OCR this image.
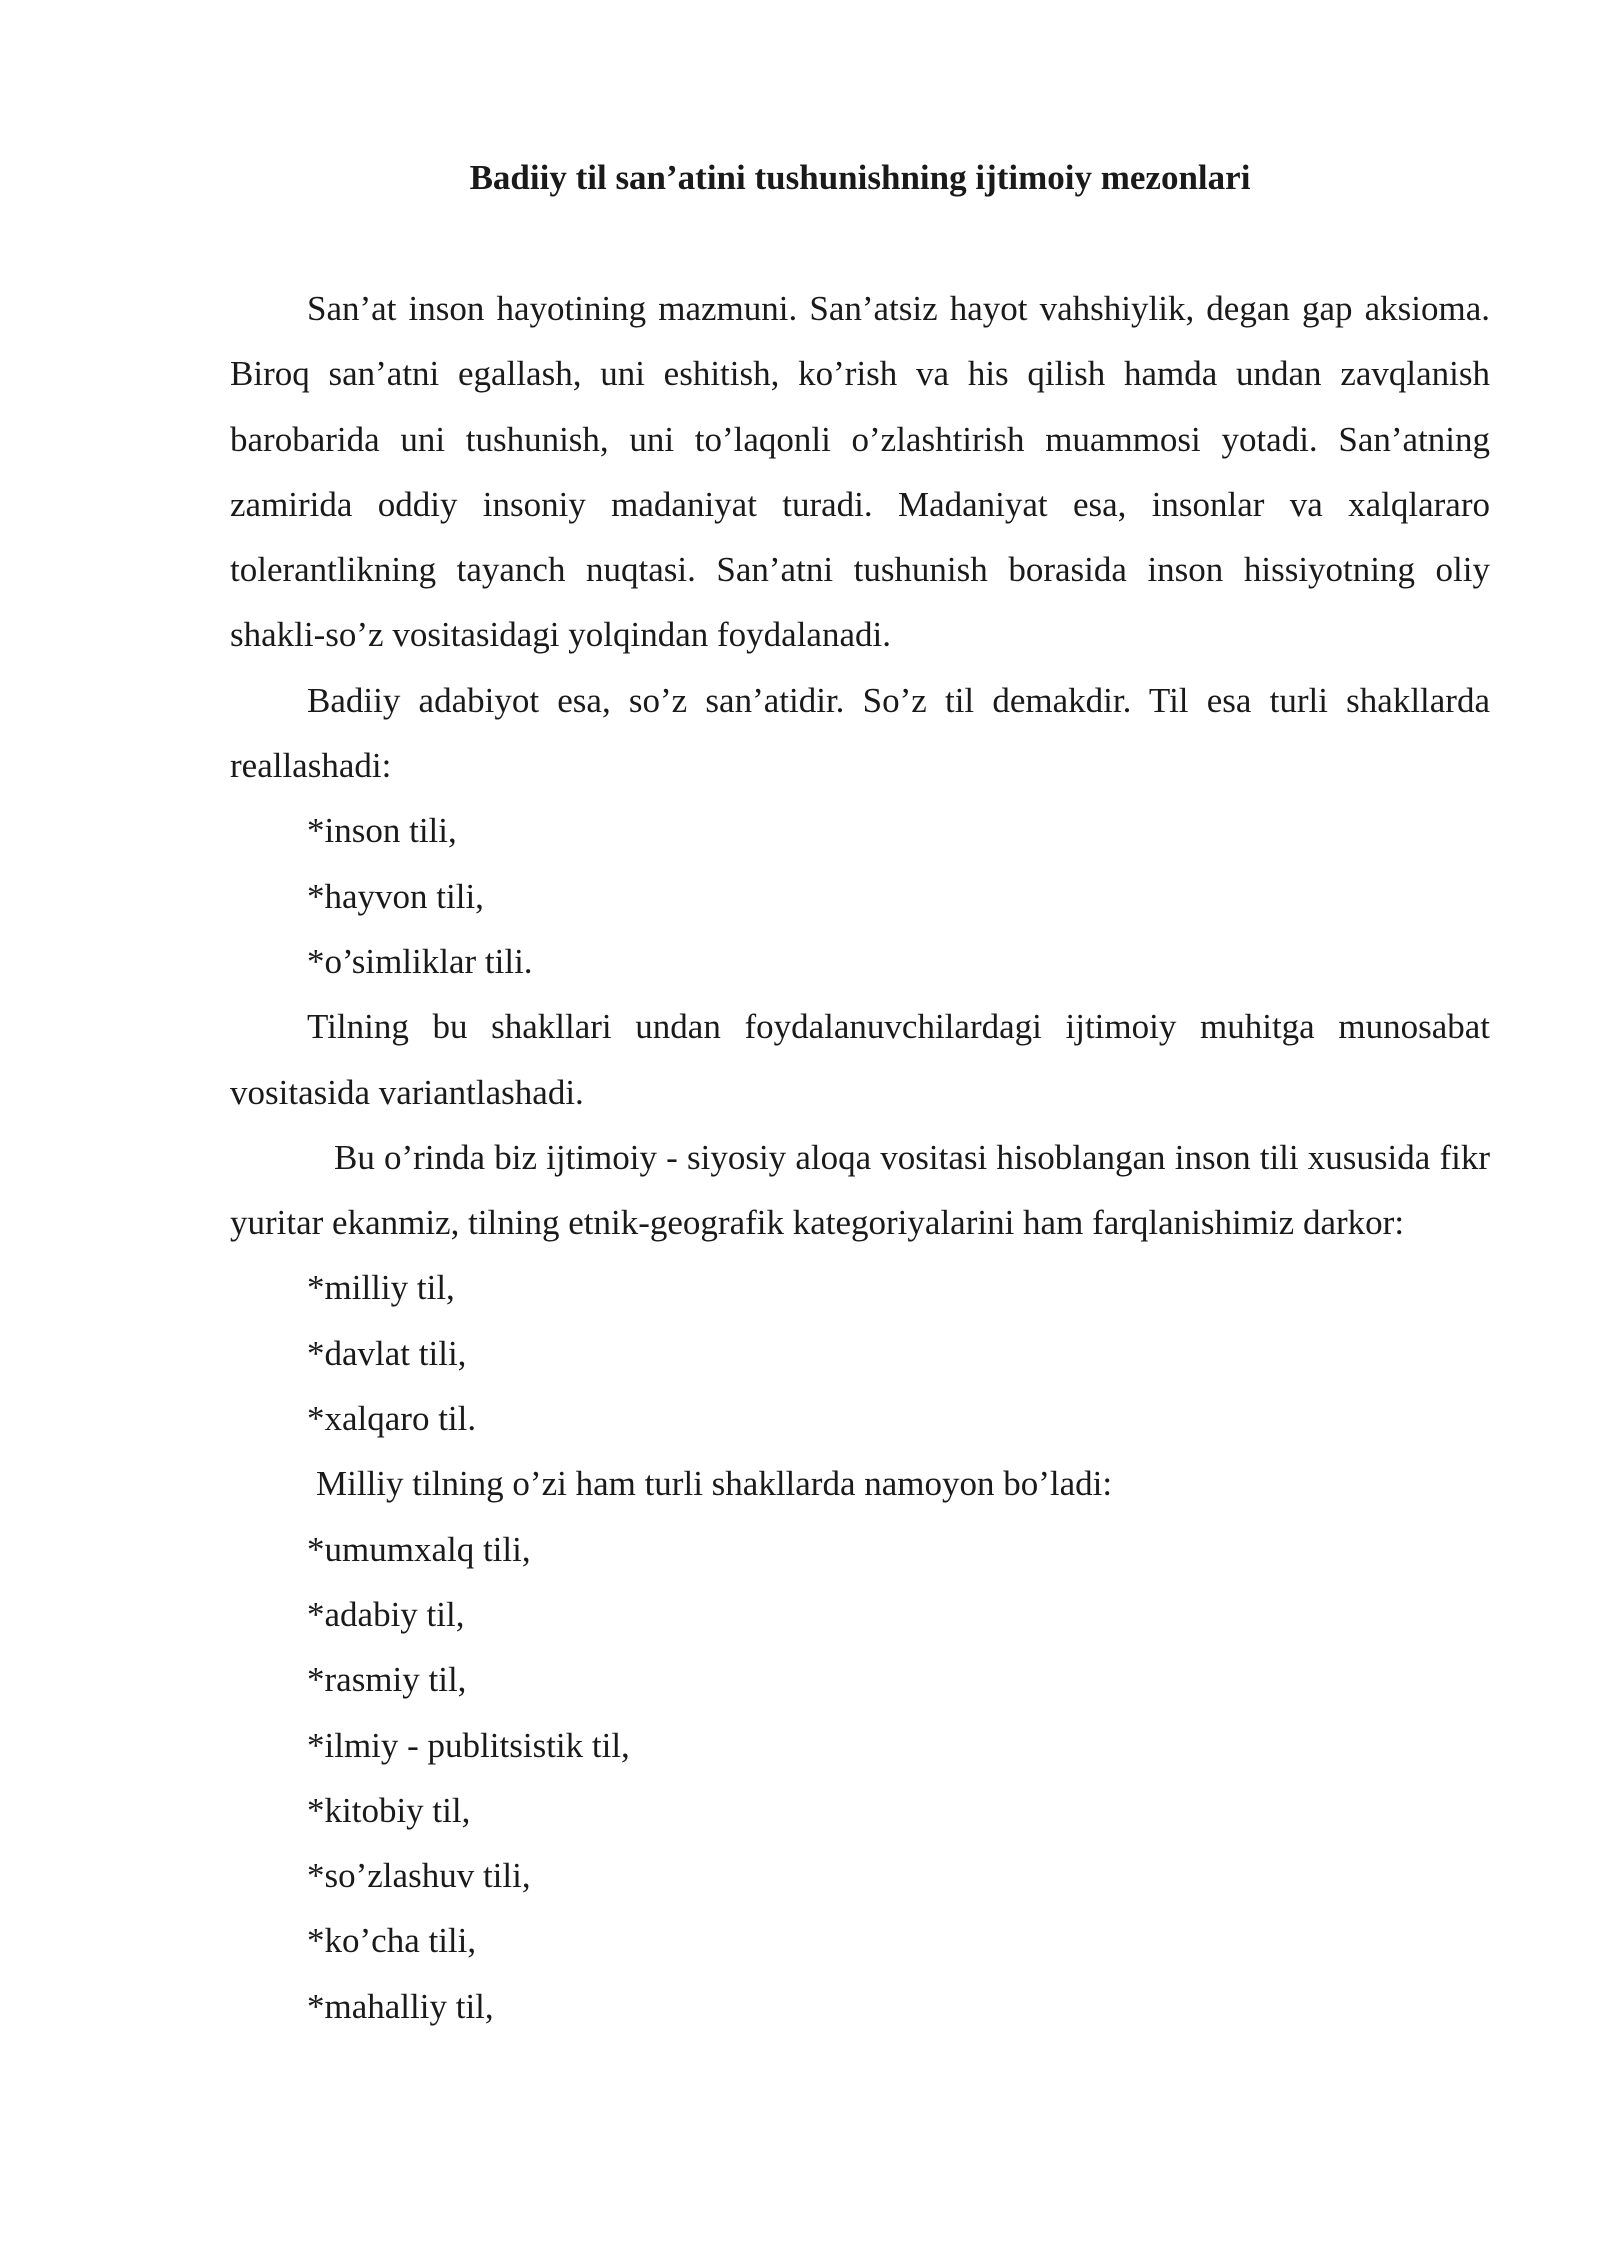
Badiiy til san’atini tushunishning ijtimoiy mezonlari

San’at inson hayotining mazmuni. San’atsiz hayot vahshiylik, degan gap aksioma. Biroq san’atni egallash, uni eshitish, ko’rish va his qilish hamda undan zavqlanish barobarida uni tushunish, uni to’laqonli o’zlashtirish muammosi yotadi. San’atning zamirida oddiy insoniy madaniyat turadi. Madaniyat esa, insonlar va xalqlararo tolerantlikning tayanch nuqtasi. San’atni tushunish borasida inson hissiyotning oliy shakli-so’z vositasidagi yolqindan foydalanadi.

Badiiy adabiyot esa, so’z san’atidir. So’z til demakdir. Til esa turli shakllarda reallashadi:

*inson tili,

*hayvon tili,

*o’simliklar tili.

Tilning bu shakllari undan foydalanuvchilardagi ijtimoiy muhitga munosabat vositasida variantlashadi.

Bu o’rinda biz ijtimoiy - siyosiy aloqa vositasi hisoblangan inson tili xususida fikr yuritar ekanmiz, tilning etnik-geografik kategoriyalarini ham farqlanishimiz darkor:

*milliy til,

*davlat tili,

*xalqaro til.

Milliy tilning o’zi ham turli shakllarda namoyon bo’ladi:

*umumxalq tili,

*adabiy til,

*rasmiy til,

*ilmiy - publitsistik til,

*kitobiy til,

*so’zlashuv tili,

*ko’cha tili,

*mahalliy til,
